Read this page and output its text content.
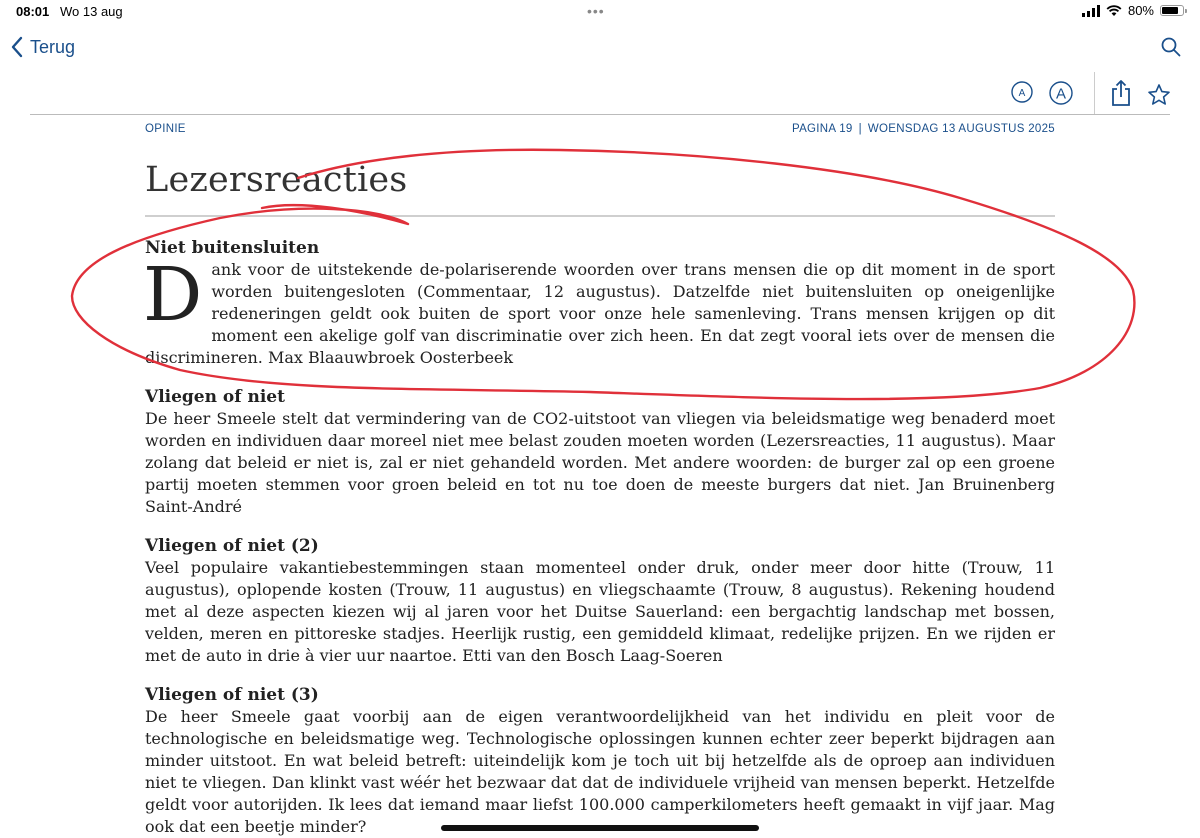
08:01 Wo 13 aug	•••	80%
Terug
A A
OPINIE	PAGINA 19 | WOENSDAG 13 AUGUSTUS 2025
Lezersreacties
Niet buitensluiten

Dank voor de uitstekende de-polariserende woorden over trans mensen die op dit moment in de sport worden buitengesloten (Commentaar, 12 augustus). Datzelfde niet buitensluiten op oneigenlijke redeneringen geldt ook buiten de sport voor onze hele samenleving. Trans mensen krijgen op dit moment een akelige golf van discriminatie over zich heen. En dat zegt vooral iets over de mensen die discrimineren. Max Blaauwbroek Oosterbeek

Vliegen of niet

De heer Smeele stelt dat vermindering van de CO2-uitstoot van vliegen via beleidsmatige weg benaderd moet worden en individuen daar moreel niet mee belast zouden moeten worden (Lezersreacties, 11 augustus). Maar zolang dat beleid er niet is, zal er niet gehandeld worden. Met andere woorden: de burger zal op een groene partij moeten stemmen voor groen beleid en tot nu toe doen de meeste burgers dat niet. Jan Bruinenberg Saint-André

Vliegen of niet (2)

Veel populaire vakantiebestemmingen staan momenteel onder druk, onder meer door hitte (Trouw, 11 augustus), oplopende kosten (Trouw, 11 augustus) en vliegschaamte (Trouw, 8 augustus). Rekening houdend met al deze aspecten kiezen wij al jaren voor het Duitse Sauerland: een bergachtig landschap met bossen, velden, meren en pittoreske stadjes. Heerlijk rustig, een gemiddeld klimaat, redelijke prijzen. En we rijden er met de auto in drie à vier uur naartoe. Etti van den Bosch Laag-Soeren

Vliegen of niet (3)

De heer Smeele gaat voorbij aan de eigen verantwoordelijkheid van het individu en pleit voor de technologische en beleidsmatige weg. Technologische oplossingen kunnen echter zeer beperkt bijdragen aan minder uitstoot. En wat beleid betreft: uiteindelijk kom je toch uit bij hetzelfde als de oproep aan individuen niet te vliegen. Dan klinkt vast wéér het bezwaar dat dat de individuele vrijheid van mensen beperkt. Hetzelfde geldt voor autorijden. Ik lees dat iemand maar liefst 100.000 camperkilometers heeft gemaakt in vijf jaar. Mag ook dat een beetje minder?
